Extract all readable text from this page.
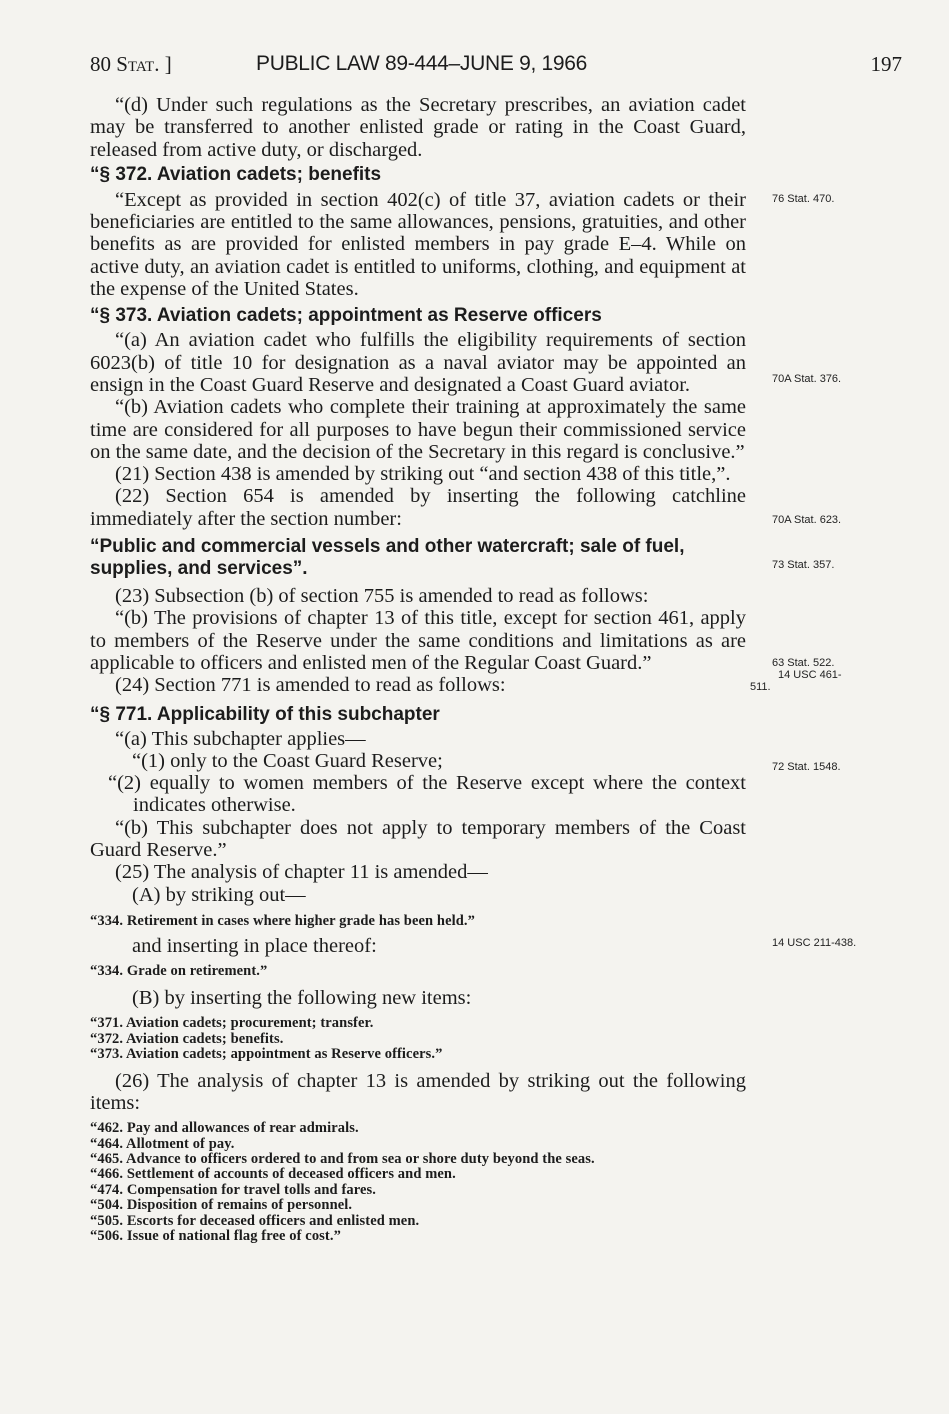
80 Stat. ]	PUBLIC LAW 89-444–JUNE 9, 1966	197

“(d) Under such regulations as the Secretary prescribes, an aviation cadet may be transferred to another enlisted grade or rating in the Coast Guard, released from active duty, or discharged.

“§ 372. Aviation cadets; benefits

“Except as provided in section 402(c) of title 37, aviation cadets or their beneficiaries are entitled to the same allowances, pensions, gratuities, and other benefits as are provided for enlisted members in pay grade E–4. While on active duty, an aviation cadet is entitled to uniforms, clothing, and equipment at the expense of the United States.

“§ 373. Aviation cadets; appointment as Reserve officers

“(a) An aviation cadet who fulfills the eligibility requirements of section 6023(b) of title 10 for designation as a naval aviator may be appointed an ensign in the Coast Guard Reserve and designated a Coast Guard aviator.

“(b) Aviation cadets who complete their training at approximately the same time are considered for all purposes to have begun their commissioned service on the same date, and the decision of the Secretary in this regard is conclusive.”

(21) Section 438 is amended by striking out “and section 438 of this title,”.

(22) Section 654 is amended by inserting the following catchline immediately after the section number:

“Public and commercial vessels and other watercraft; sale of fuel, supplies, and services”.

(23) Subsection (b) of section 755 is amended to read as follows:

“(b) The provisions of chapter 13 of this title, except for section 461, apply to members of the Reserve under the same conditions and limitations as are applicable to officers and enlisted men of the Regular Coast Guard.”

(24) Section 771 is amended to read as follows:

“§ 771. Applicability of this subchapter

“(a) This subchapter applies—

“(1) only to the Coast Guard Reserve;

“(2) equally to women members of the Reserve except where the context indicates otherwise.

“(b) This subchapter does not apply to temporary members of the Coast Guard Reserve.”

(25) The analysis of chapter 11 is amended—

(A) by striking out—

“334. Retirement in cases where higher grade has been held.”

and inserting in place thereof:

“334. Grade on retirement.”

(B) by inserting the following new items:

“371. Aviation cadets; procurement; transfer.

“372. Aviation cadets; benefits.

“373. Aviation cadets; appointment as Reserve officers.”

(26) The analysis of chapter 13 is amended by striking out the following items:

“462. Pay and allowances of rear admirals.

“464. Allotment of pay.

“465. Advance to officers ordered to and from sea or shore duty beyond the seas.

“466. Settlement of accounts of deceased officers and men.

“474. Compensation for travel tolls and fares.

“504. Disposition of remains of personnel.

“505. Escorts for deceased officers and enlisted men.

“506. Issue of national flag free of cost.”

76 Stat. 470.
70A Stat. 376.
70A Stat. 623.
73 Stat. 357.
63 Stat. 522.
14 USC 461-
511.
72 Stat. 1548.
14 USC 211-438.
